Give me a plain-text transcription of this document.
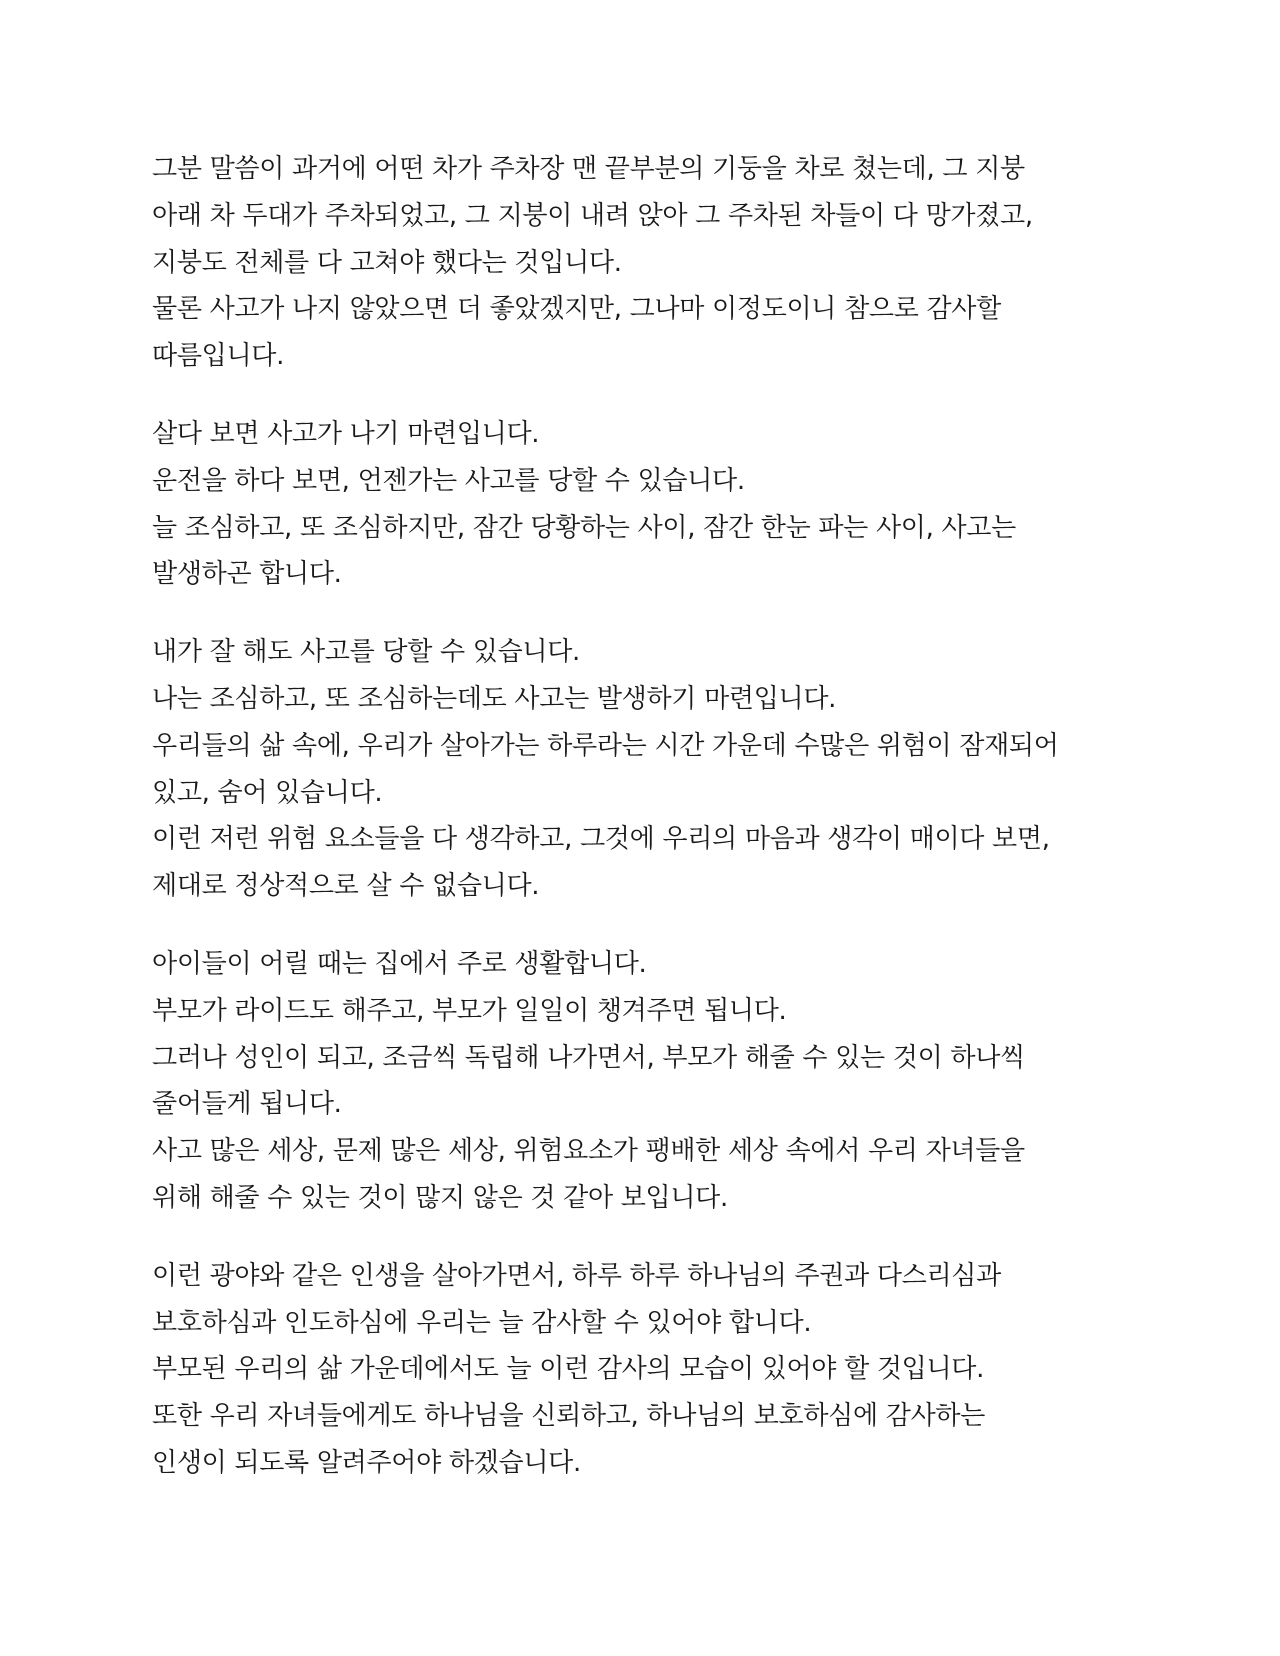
그분 말씀이 과거에 어떤 차가 주차장 맨 끝부분의 기둥을 차로 쳤는데, 그 지붕
아래 차 두대가 주차되었고, 그 지붕이 내려 앉아 그 주차된 차들이 다 망가졌고,
지붕도 전체를 다 고쳐야 했다는 것입니다.
물론 사고가 나지 않았으면 더 좋았겠지만, 그나마 이정도이니 참으로 감사할
따름입니다.
살다 보면 사고가 나기 마련입니다.
운전을 하다 보면, 언젠가는 사고를 당할 수 있습니다.
늘 조심하고, 또 조심하지만, 잠간 당황하는 사이, 잠간 한눈 파는 사이, 사고는
발생하곤 합니다.
내가 잘 해도 사고를 당할 수 있습니다.
나는 조심하고, 또 조심하는데도 사고는 발생하기 마련입니다.
우리들의 삶 속에, 우리가 살아가는 하루라는 시간 가운데 수많은 위험이 잠재되어
있고, 숨어 있습니다.
이런 저런 위험 요소들을 다 생각하고, 그것에 우리의 마음과 생각이 매이다 보면,
제대로 정상적으로 살 수 없습니다.
아이들이 어릴 때는 집에서 주로 생활합니다.
부모가 라이드도 해주고, 부모가 일일이 챙겨주면 됩니다.
그러나 성인이 되고, 조금씩 독립해 나가면서, 부모가 해줄 수 있는 것이 하나씩
줄어들게 됩니다.
사고 많은 세상, 문제 많은 세상, 위험요소가 팽배한 세상 속에서 우리 자녀들을
위해 해줄 수 있는 것이 많지 않은 것 같아 보입니다.
이런 광야와 같은 인생을 살아가면서, 하루 하루 하나님의 주권과 다스리심과
보호하심과 인도하심에 우리는 늘 감사할 수 있어야 합니다.
부모된 우리의 삶 가운데에서도 늘 이런 감사의 모습이 있어야 할 것입니다.
또한 우리 자녀들에게도 하나님을 신뢰하고, 하나님의 보호하심에 감사하는
인생이 되도록 알려주어야 하겠습니다.
